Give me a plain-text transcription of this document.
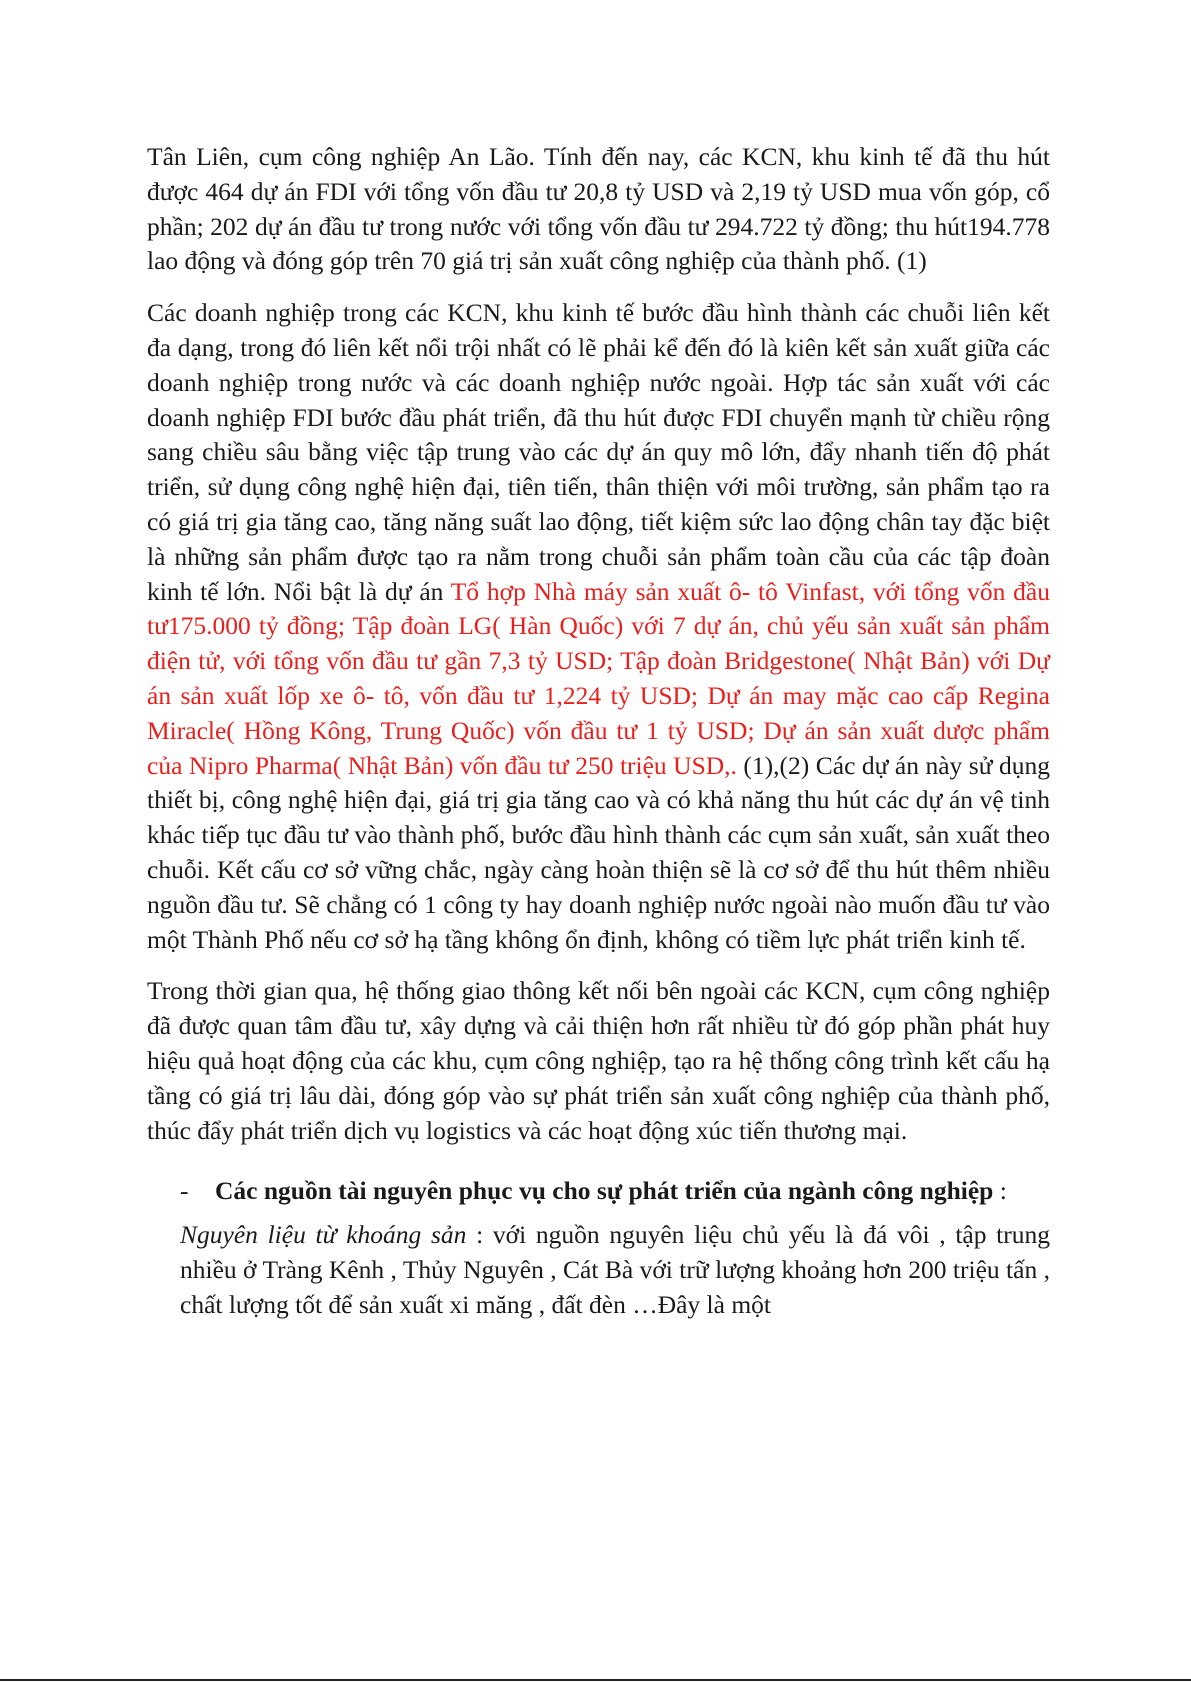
Tân Liên, cụm công nghiệp An Lão. Tính đến nay, các KCN, khu kinh tế đã thu hút được 464 dự án FDI với tổng vốn đầu tư 20,8 tỷ USD và 2,19 tỷ USD mua vốn góp, cổ phần; 202 dự án đầu tư trong nước với tổng vốn đầu tư 294.722 tỷ đồng; thu hút194.778 lao động và đóng góp trên 70 giá trị sản xuất công nghiệp của thành phố. (1)

Các doanh nghiệp trong các KCN, khu kinh tế bước đầu hình thành các chuỗi liên kết đa dạng, trong đó liên kết nổi trội nhất có lẽ phải kể đến đó là kiên kết sản xuất giữa các doanh nghiệp trong nước và các doanh nghiệp nước ngoài. Hợp tác sản xuất với các doanh nghiệp FDI bước đầu phát triển, đã thu hút được FDI chuyển mạnh từ chiều rộng sang chiều sâu bằng việc tập trung vào các dự án quy mô lớn, đẩy nhanh tiến độ phát triển, sử dụng công nghệ hiện đại, tiên tiến, thân thiện với môi trường, sản phẩm tạo ra có giá trị gia tăng cao, tăng năng suất lao động, tiết kiệm sức lao động chân tay đặc biệt là những sản phẩm được tạo ra nằm trong chuỗi sản phẩm toàn cầu của các tập đoàn kinh tế lớn. Nổi bật là dự án Tổ hợp Nhà máy sản xuất ô- tô Vinfast, với tổng vốn đầu tư175.000 tỷ đồng; Tập đoàn LG( Hàn Quốc) với 7 dự án, chủ yếu sản xuất sản phẩm điện tử, với tổng vốn đầu tư gần 7,3 tỷ USD; Tập đoàn Bridgestone( Nhật Bản) với Dự án sản xuất lốp xe ô- tô, vốn đầu tư 1,224 tỷ USD; Dự án may mặc cao cấp Regina Miracle( Hồng Kông, Trung Quốc) vốn đầu tư 1 tỷ USD; Dự án sản xuất dược phẩm của Nipro Pharma( Nhật Bản) vốn đầu tư 250 triệu USD,. (1),(2) Các dự án này sử dụng thiết bị, công nghệ hiện đại, giá trị gia tăng cao và có khả năng thu hút các dự án vệ tinh khác tiếp tục đầu tư vào thành phố, bước đầu hình thành các cụm sản xuất, sản xuất theo chuỗi. Kết cấu cơ sở vững chắc, ngày càng hoàn thiện sẽ là cơ sở để thu hút thêm nhiều nguồn đầu tư. Sẽ chẳng có 1 công ty hay doanh nghiệp nước ngoài nào muốn đầu tư vào một Thành Phố nếu cơ sở hạ tầng không ổn định, không có tiềm lực phát triển kinh tế.

Trong thời gian qua, hệ thống giao thông kết nối bên ngoài các KCN, cụm công nghiệp đã được quan tâm đầu tư, xây dựng và cải thiện hơn rất nhiều từ đó góp phần phát huy hiệu quả hoạt động của các khu, cụm công nghiệp, tạo ra hệ thống công trình kết cấu hạ tầng có giá trị lâu dài, đóng góp vào sự phát triển sản xuất công nghiệp của thành phố, thúc đẩy phát triển dịch vụ logistics và các hoạt động xúc tiến thương mại.

- Các nguồn tài nguyên phục vụ cho sự phát triển của ngành công nghiệp :

Nguyên liệu từ khoáng sản : với nguồn nguyên liệu chủ yếu là đá vôi , tập trung nhiều ở Tràng Kênh , Thủy Nguyên , Cát Bà với trữ lượng khoảng hơn 200 triệu tấn , chất lượng tốt để sản xuất xi măng , đất đèn …Đây là một
